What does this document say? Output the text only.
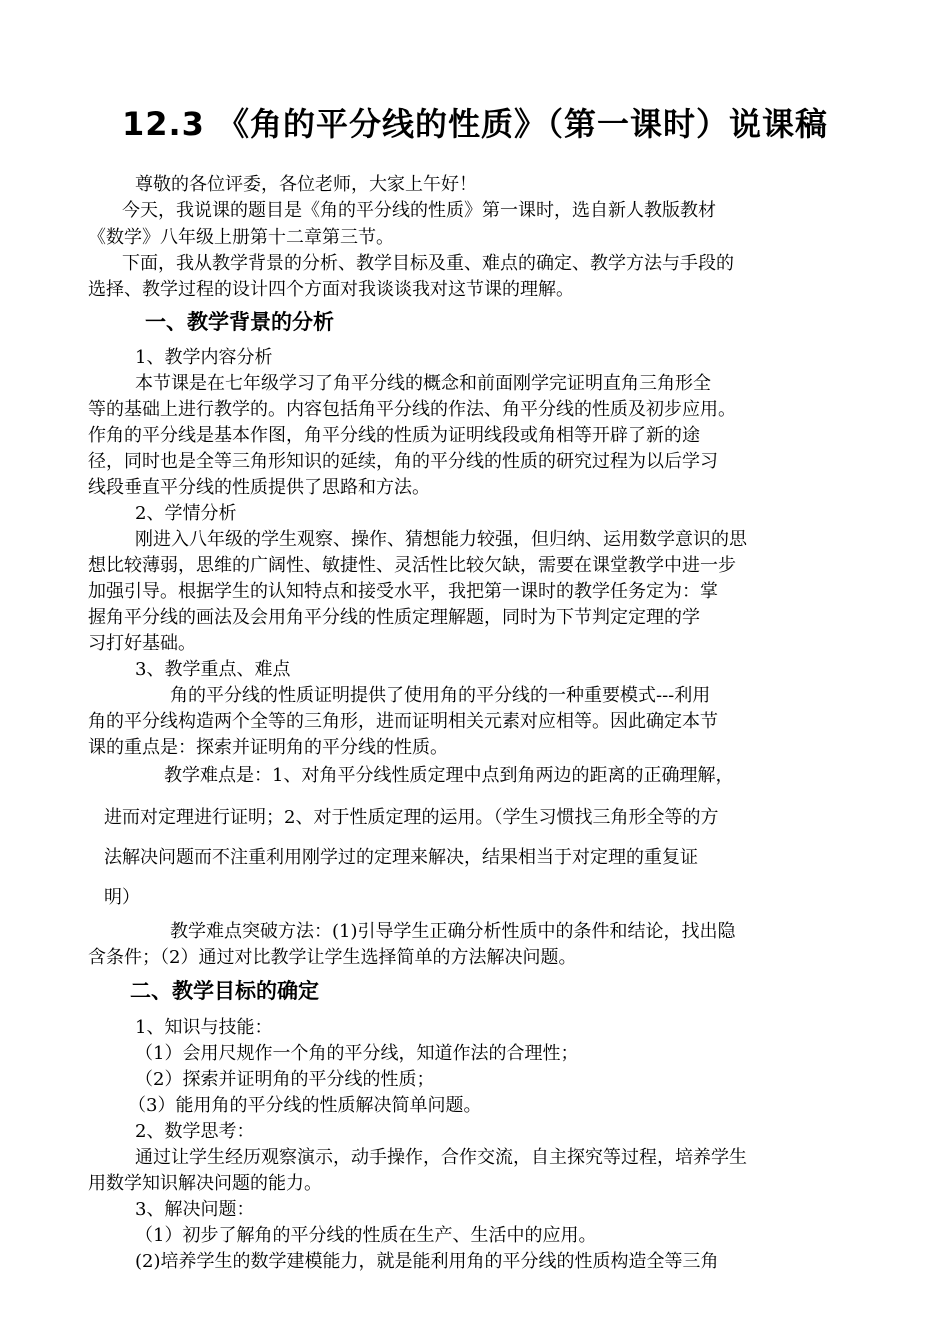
12.3 《角的平分线的性质》（第一课时）说课稿
尊敬的各位评委，各位老师，大家上午好！
今天，我说课的题目是《角的平分线的性质》第一课时，选自新人教版教材
《数学》八年级上册第十二章第三节。
下面，我从教学背景的分析、教学目标及重、难点的确定、教学方法与手段的
选择、教学过程的设计四个方面对我谈谈我对这节课的理解。
一、教学背景的分析
1、教学内容分析
本节课是在七年级学习了角平分线的概念和前面刚学完证明直角三角形全
等的基础上进行教学的。内容包括角平分线的作法、角平分线的性质及初步应用。
作角的平分线是基本作图，角平分线的性质为证明线段或角相等开辟了新的途
径，同时也是全等三角形知识的延续，角的平分线的性质的研究过程为以后学习
线段垂直平分线的性质提供了思路和方法。
2、学情分析
刚进入八年级的学生观察、操作、猜想能力较强，但归纳、运用数学意识的思
想比较薄弱，思维的广阔性、敏捷性、灵活性比较欠缺，需要在课堂教学中进一步
加强引导。根据学生的认知特点和接受水平，我把第一课时的教学任务定为：掌
握角平分线的画法及会用角平分线的性质定理解题，同时为下节判定定理的学
习打好基础。
3、教学重点、难点
角的平分线的性质证明提供了使用角的平分线的一种重要模式---利用
角的平分线构造两个全等的三角形，进而证明相关元素对应相等。因此确定本节
课的重点是：探索并证明角的平分线的性质。
教学难点是：1、对角平分线性质定理中点到角两边的距离的正确理解，
进而对定理进行证明；2、对于性质定理的运用。（学生习惯找三角形全等的方
法解决问题而不注重利用刚学过的定理来解决，结果相当于对定理的重复证
明）
教学难点突破方法：(1)引导学生正确分析性质中的条件和结论，找出隐
含条件；（2）通过对比教学让学生选择简单的方法解决问题。
二、教学目标的确定
1、知识与技能：
（1）会用尺规作一个角的平分线，知道作法的合理性；
（2）探索并证明角的平分线的性质；
（3）能用角的平分线的性质解决简单问题。
2、数学思考：
通过让学生经历观察演示，动手操作，合作交流，自主探究等过程，培养学生
用数学知识解决问题的能力。
3、解决问题：
（1）初步了解角的平分线的性质在生产、生活中的应用。
(2)培养学生的数学建模能力，就是能利用角的平分线的性质构造全等三角
